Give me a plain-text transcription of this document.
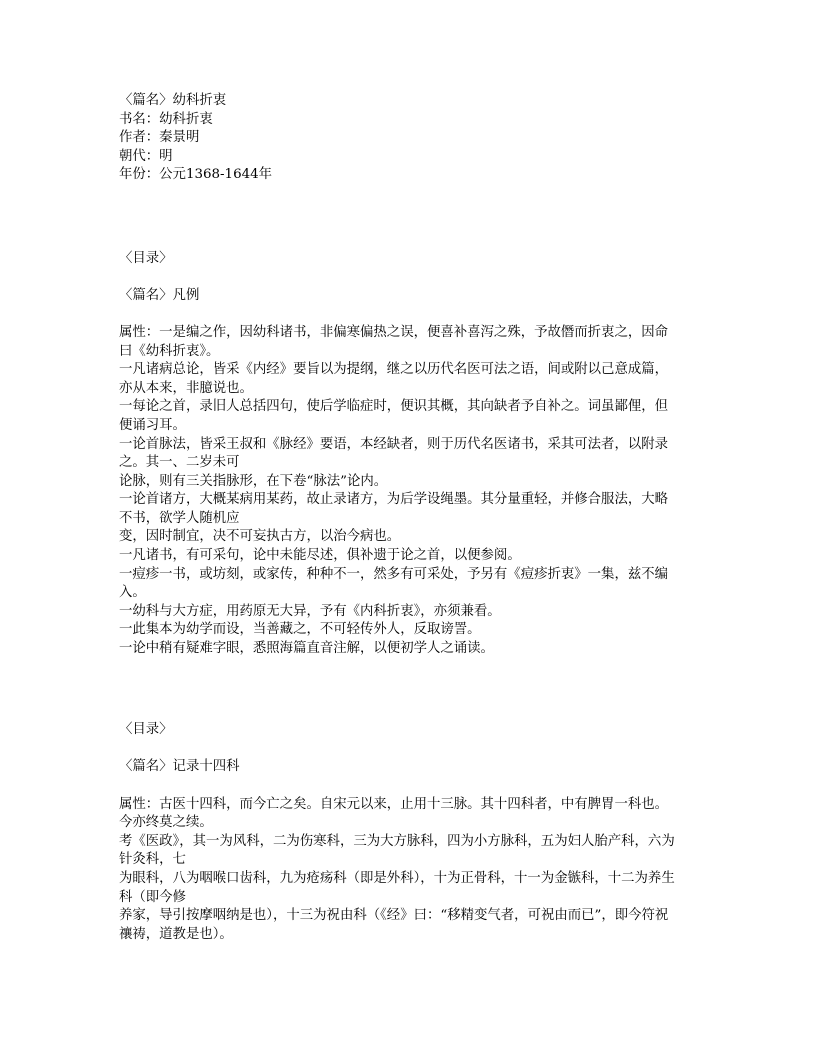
〈篇名〉幼科折衷
书名：幼科折衷
作者：秦景明
朝代：明
年份：公元1368-1644年
〈目录〉
〈篇名〉凡例
属性：一是编之作，因幼科诸书，非偏寒偏热之误，便喜补喜泻之殊，予故僭而折衷之，因命
曰《幼科折衷》。
一凡诸病总论，皆采《内经》要旨以为提纲，继之以历代名医可法之语，间或附以己意成篇，
亦从本来，非臆说也。
一每论之首，录旧人总括四句，使后学临症时，便识其概，其向缺者予自补之。词虽鄙俚，但
便诵习耳。
一论首脉法，皆采王叔和《脉经》要语，本经缺者，则于历代名医诸书，采其可法者，以附录
之。其一、二岁未可
论脉，则有三关指脉形，在下卷“脉法”论内。
一论首诸方，大概某病用某药，故止录诸方，为后学设绳墨。其分量重轻，并修合服法，大略
不书，欲学人随机应
变，因时制宜，决不可妄执古方，以治今病也。
一凡诸书，有可采句，论中未能尽述，俱补遗于论之首，以便参阅。
一痘疹一书，或坊刻，或家传，种种不一，然多有可采处，予另有《痘疹折衷》一集，兹不编
入。
一幼科与大方症，用药原无大异，予有《内科折衷》，亦须兼看。
一此集本为幼学而设，当善藏之，不可轻传外人，反取谤詈。
一论中稍有疑难字眼，悉照海篇直音注解，以便初学人之诵读。
〈目录〉
〈篇名〉记录十四科
属性：古医十四科，而今亡之矣。自宋元以来，止用十三脉。其十四科者，中有脾胃一科也。
今亦终莫之续。
考《医政》，其一为风科，二为伤寒科，三为大方脉科，四为小方脉科，五为妇人胎产科，六为
针灸科，七
为眼科，八为咽喉口齿科，九为疮疡科（即是外科），十为正骨科，十一为金镞科，十二为养生
科（即今修
养家，导引按摩咽纳是也），十三为祝由科（《经》曰：“移精变气者，可祝由而已”，即今符祝
禳祷，道教是也）。
